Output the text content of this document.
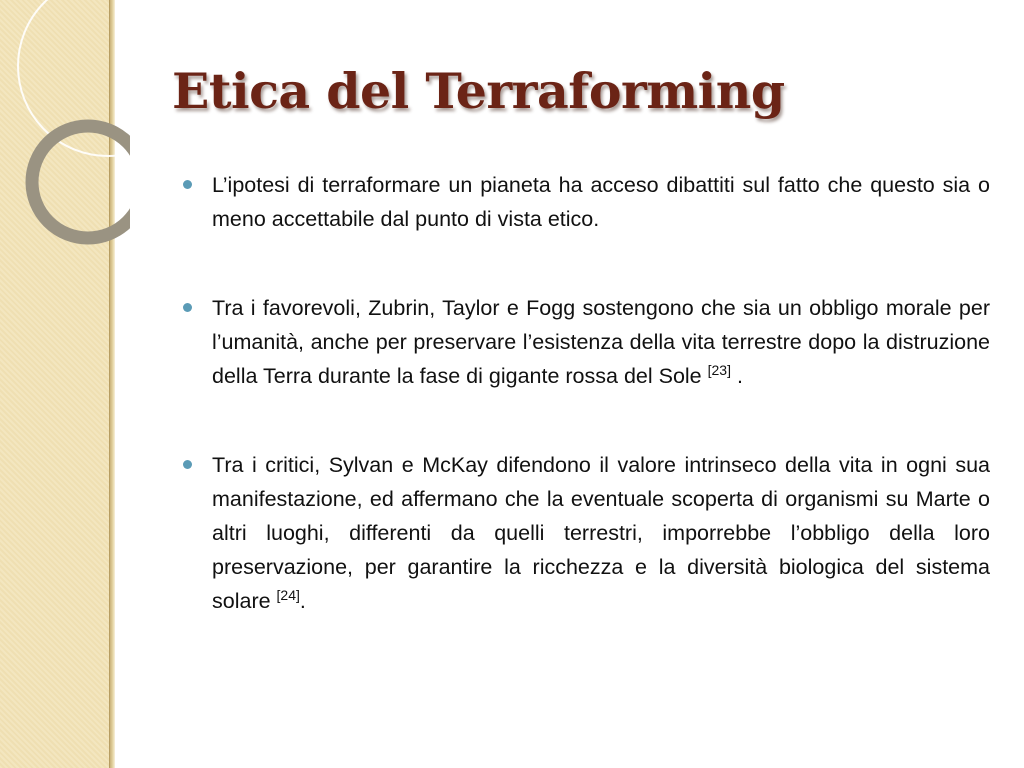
Etica del Terraforming
L’ipotesi di terraformare un pianeta ha acceso dibattiti sul fatto che questo sia o meno accettabile dal punto di vista etico.
Tra i favorevoli, Zubrin, Taylor e Fogg sostengono che sia un obbligo morale per l’umanità, anche per preservare l’esistenza della vita terrestre dopo la distruzione della Terra durante la fase di gigante rossa del Sole [23] .
Tra i critici, Sylvan e McKay difendono il valore intrinseco della vita in ogni sua manifestazione, ed affermano che la eventuale scoperta di organismi su Marte o altri luoghi, differenti da quelli terrestri, imporrebbe l’obbligo della loro preservazione, per garantire la ricchezza e la diversità biologica del sistema solare [24].
